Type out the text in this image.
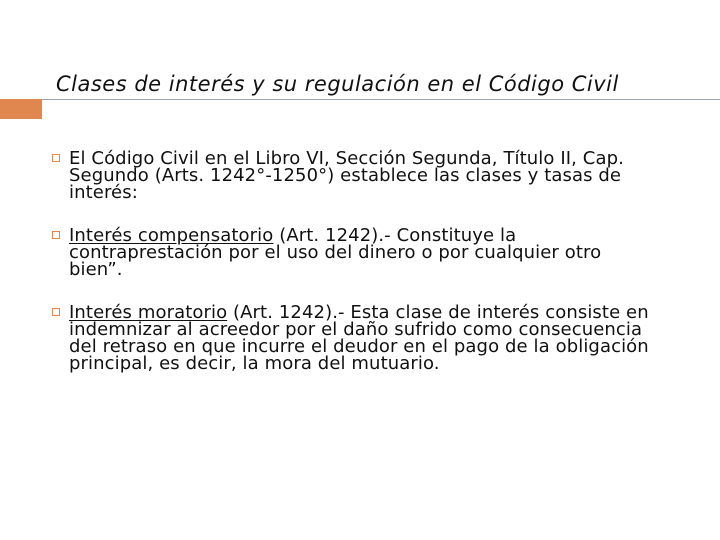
Clases de interés y su regulación en el Código Civil
El Código Civil en el Libro VI, Sección Segunda, Título II, Cap. Segundo (Arts. 1242°-1250°) establece las clases y tasas de interés:
Interés compensatorio (Art. 1242).- Constituye la contraprestación por el uso del dinero o por cualquier otro bien”.
Interés moratorio (Art. 1242).- Esta clase de interés consiste en indemnizar al acreedor por el daño sufrido como consecuencia del retraso en que incurre el deudor en el pago de la obligación principal, es decir, la mora del mutuario.
